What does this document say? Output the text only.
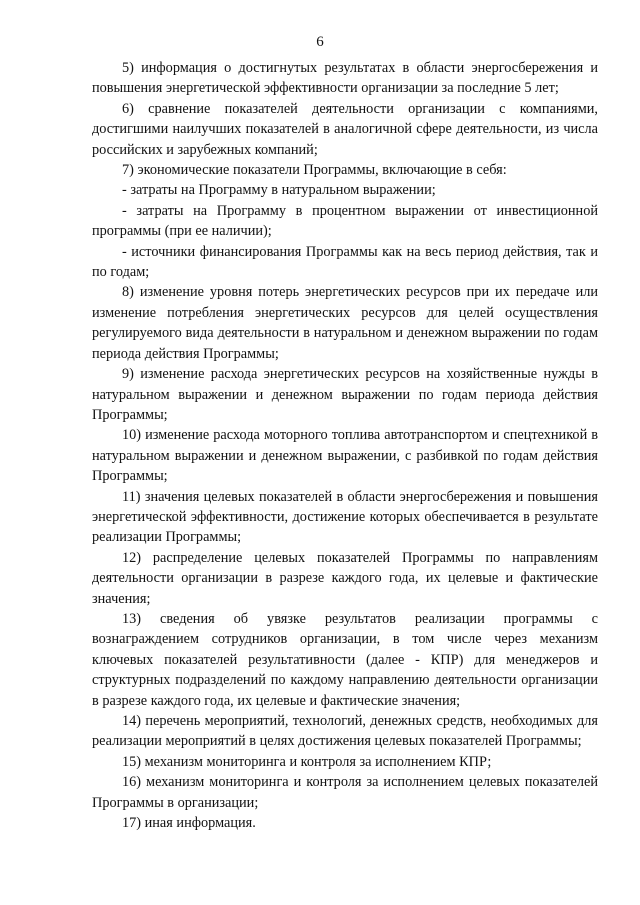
6

5) информация о достигнутых результатах в области энергосбережения и повышения энергетической эффективности организации за последние 5 лет;

6) сравнение показателей деятельности организации с компаниями, достигшими наилучших показателей в аналогичной сфере деятельности, из числа российских и зарубежных компаний;

7) экономические показатели Программы, включающие в себя:

- затраты на Программу в натуральном выражении;

- затраты на Программу в процентном выражении от инвестиционной программы (при ее наличии);

- источники финансирования Программы как на весь период действия, так и по годам;

8) изменение уровня потерь энергетических ресурсов при их передаче или изменение потребления энергетических ресурсов для целей осуществления регулируемого вида деятельности в натуральном и денежном выражении по годам периода действия Программы;

9) изменение расхода энергетических ресурсов на хозяйственные нужды в натуральном выражении и денежном выражении по годам периода действия Программы;

10) изменение расхода моторного топлива автотранспортом и спецтехникой в натуральном выражении и денежном выражении, с разбивкой по годам действия Программы;

11) значения целевых показателей в области энергосбережения и повышения энергетической эффективности, достижение которых обеспечивается в результате реализации Программы;

12) распределение целевых показателей Программы по направлениям деятельности организации в разрезе каждого года, их целевые и фактические значения;

13) сведения об увязке результатов реализации программы с вознаграждением сотрудников организации, в том числе через механизм ключевых показателей результативности (далее - КПР) для менеджеров и структурных подразделений по каждому направлению деятельности организации в разрезе каждого года, их целевые и фактические значения;

14) перечень мероприятий, технологий, денежных средств, необходимых для реализации мероприятий в целях достижения целевых показателей Программы;

15) механизм мониторинга и контроля за исполнением КПР;

16) механизм мониторинга и контроля за исполнением целевых показателей Программы в организации;

17) иная информация.
